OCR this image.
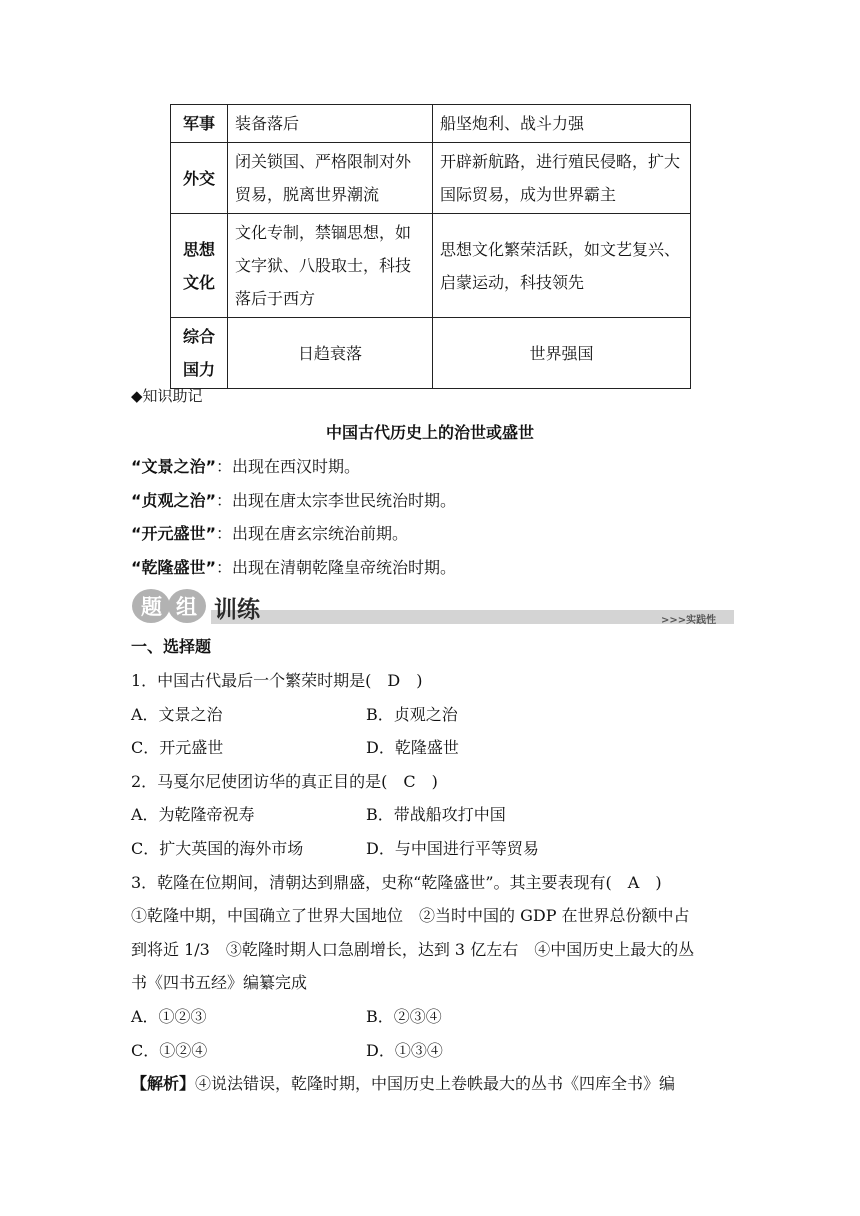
军事	装备落后	船坚炮利、战斗力强
外交	闭关锁国、严格限制对外贸易，脱离世界潮流	开辟新航路，进行殖民侵略，扩大国际贸易，成为世界霸主
思想文化	文化专制，禁锢思想，如文字狱、八股取士，科技落后于西方	思想文化繁荣活跃，如文艺复兴、启蒙运动，科技领先
综合国力	日趋衰落	世界强国
◆知识助记
中国古代历史上的治世或盛世
“文景之治”：出现在西汉时期。
“贞观之治”：出现在唐太宗李世民统治时期。
“开元盛世”：出现在唐玄宗统治前期。
“乾隆盛世”：出现在清朝乾隆皇帝统治时期。
题 组 训练	>>>实践性
一、选择题
1．中国古代最后一个繁荣时期是(　D　)
A．文景之治	B．贞观之治
C．开元盛世	D．乾隆盛世
2．马戛尔尼使团访华的真正目的是(　C　)
A．为乾隆帝祝寿	B．带战船攻打中国
C．扩大英国的海外市场	D．与中国进行平等贸易
3．乾隆在位期间，清朝达到鼎盛，史称“乾隆盛世”。其主要表现有(　A　)
①乾隆中期，中国确立了世界大国地位　②当时中国的 GDP 在世界总份额中占
到将近 1/3　③乾隆时期人口急剧增长，达到 3 亿左右　④中国历史上最大的丛
书《四书五经》编纂完成
A．①②③	B．②③④
C．①②④	D．①③④
【解析】④说法错误，乾隆时期，中国历史上卷帙最大的丛书《四库全书》编
